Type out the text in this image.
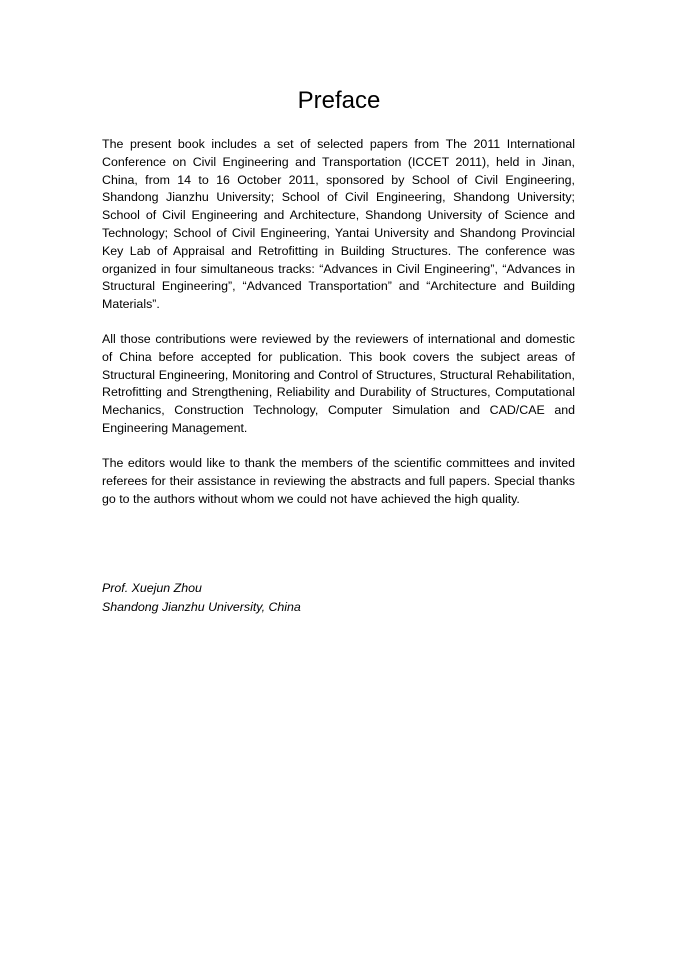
Preface

The present book includes a set of selected papers from The 2011 International Conference on Civil Engineering and Transportation (ICCET 2011), held in Jinan, China, from 14 to 16 October 2011, sponsored by School of Civil Engineering, Shandong Jianzhu University; School of Civil Engineering, Shandong University; School of Civil Engineering and Architecture, Shandong University of Science and Technology; School of Civil Engineering, Yantai University and Shandong Provincial Key Lab of Appraisal and Retrofitting in Building Structures. The conference was organized in four simultaneous tracks: “Advances in Civil Engineering”, “Advances in Structural Engineering”, “Advanced Transportation” and “Architecture and Building Materials”.

All those contributions were reviewed by the reviewers of international and domestic of China before accepted for publication. This book covers the subject areas of Structural Engineering, Monitoring and Control of Structures, Structural Rehabilitation, Retrofitting and Strengthening, Reliability and Durability of Structures, Computational Mechanics, Construction Technology, Computer Simulation and CAD/CAE and Engineering Management.

The editors would like to thank the members of the scientific committees and invited referees for their assistance in reviewing the abstracts and full papers. Special thanks go to the authors without whom we could not have achieved the high quality.

Prof. Xuejun Zhou
Shandong Jianzhu University, China
